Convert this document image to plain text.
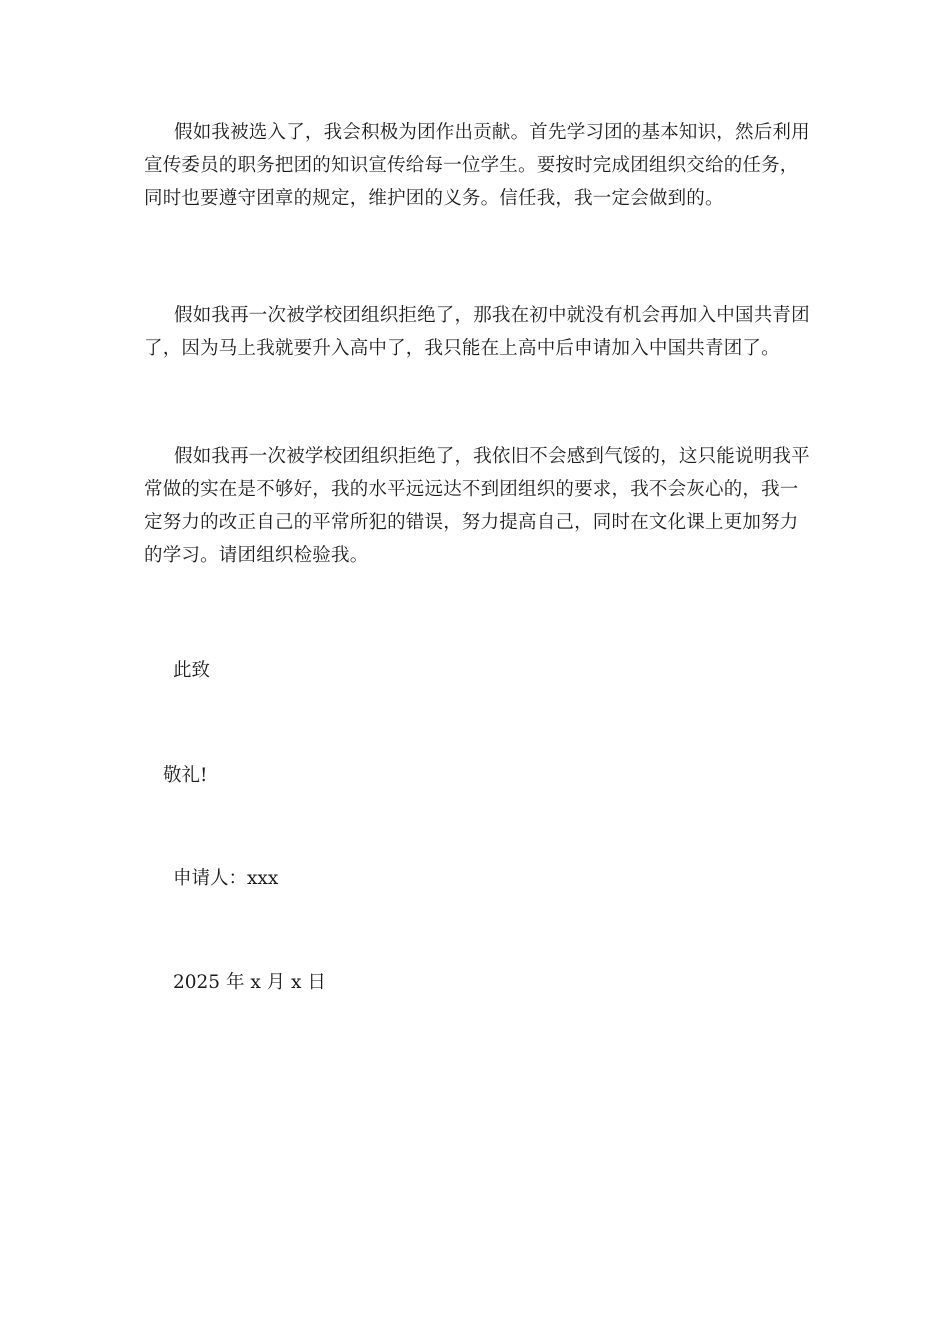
假如我被选入了，我会积极为团作出贡献。首先学习团的基本知识，然后利用宣传委员的职务把团的知识宣传给每一位学生。要按时完成团组织交给的任务，同时也要遵守团章的规定，维护团的义务。信任我，我一定会做到的。

假如我再一次被学校团组织拒绝了，那我在初中就没有机会再加入中国共青团了，因为马上我就要升入高中了，我只能在上高中后申请加入中国共青团了。

假如我再一次被学校团组织拒绝了，我依旧不会感到气馁的，这只能说明我平常做的实在是不够好，我的水平远远达不到团组织的要求，我不会灰心的，我一定努力的改正自己的平常所犯的错误，努力提高自己，同时在文化课上更加努力的学习。请团组织检验我。

此致

敬礼!

申请人：xxx

2025 年 x 月 x 日
